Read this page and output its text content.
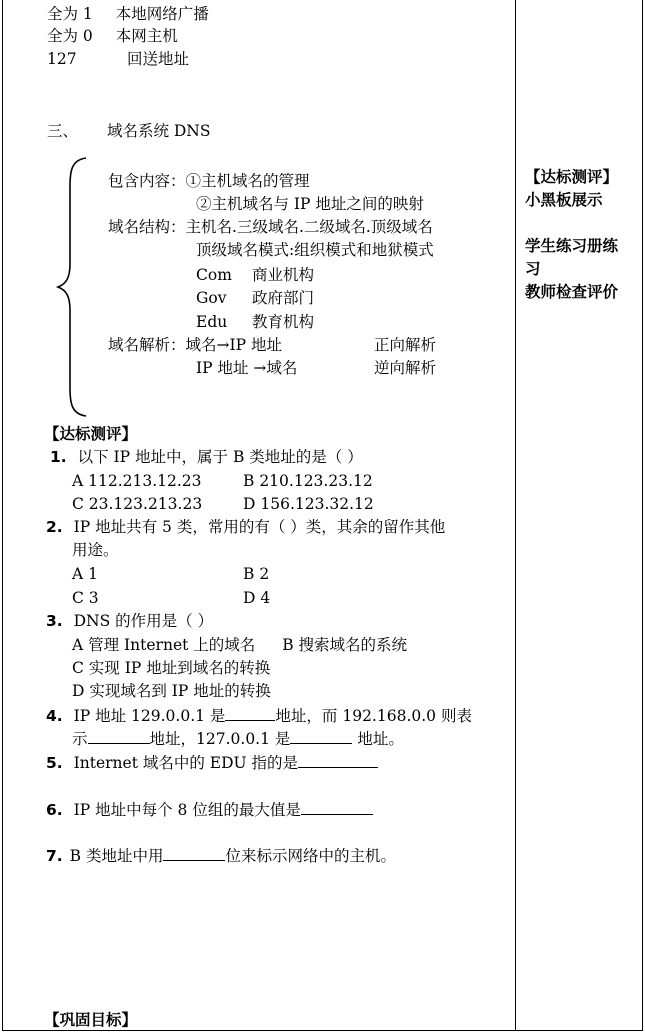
全为 1 本地网络广播
全为 0 本网主机
127	回送地址
三、 域名系统 DNS
包含内容：①主机域名的管理
②主机域名与 IP 地址之间的映射
域名结构：主机名.三级域名.二级域名.顶级域名
顶级域名模式:组织模式和地狱模式
Com 商业机构
Gov 政府部门
Edu 教育机构
域名解析：域名→IP 地址	正向解析
IP 地址 →域名	逆向解析
【达标测评】
小黑板展示
学生练习册练
习
教师检查评价
【达标测评】
1. 以下 IP 地址中，属于 B 类地址的是（ ）
A 112.213.12.23	B 210.123.23.12
C 23.123.213.23	D 156.123.32.12
2. IP 地址共有 5 类，常用的有（ ）类，其余的留作其他
用途。
A 1	B 2
C 3	D 4
3. DNS 的作用是（ ）
A 管理 Internet 上的域名 B 搜索域名的系统
C 实现 IP 地址到域名的转换
D 实现域名到 IP 地址的转换
4. IP 地址 129.0.0.1 是	地址，而 192.168.0.0 则表
示	地址，127.0.0.1 是	地址。
5. Internet 域名中的 EDU 指的是
6. IP 地址中每个 8 位组的最大值是
7. B 类地址中用	位来标示网络中的主机。
【巩固目标】
